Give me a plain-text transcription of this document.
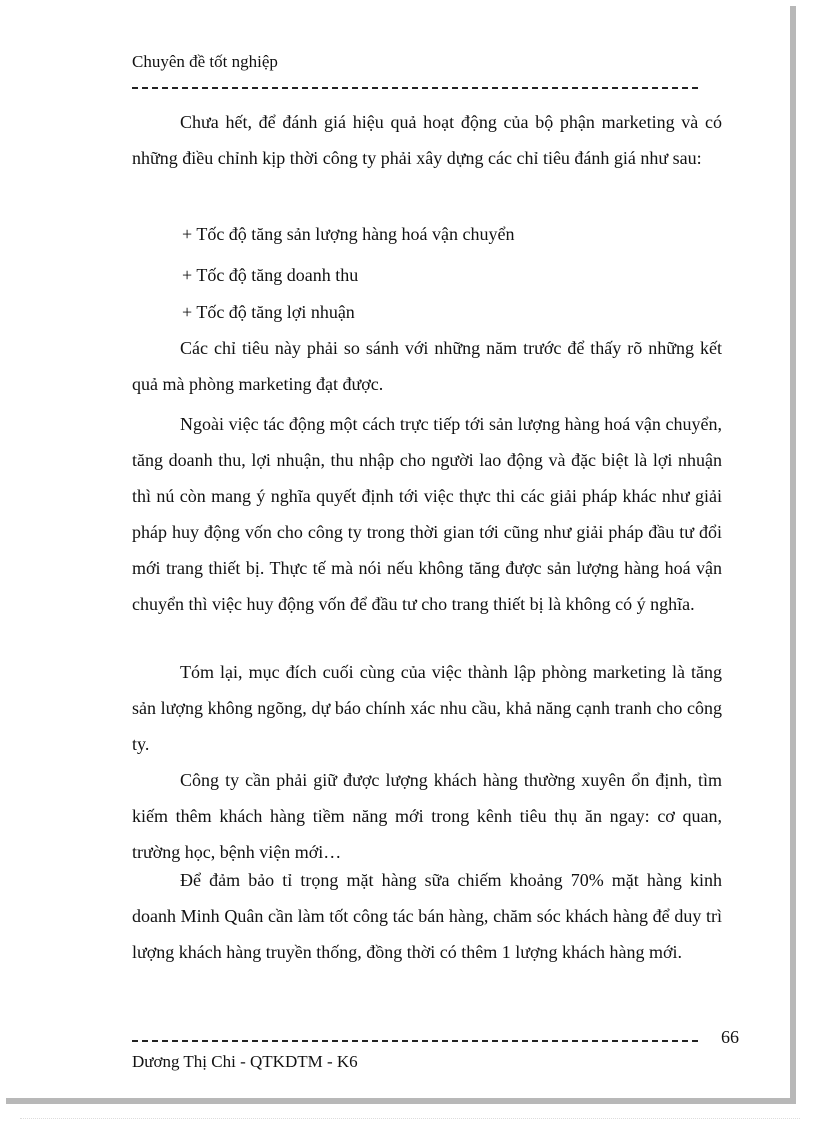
Chuyên đề tốt nghiệp

Chưa hết, để đánh giá hiệu quả hoạt động của bộ phận marketing và có những điều chỉnh kịp thời công ty phải xây dựng các chỉ tiêu đánh giá như sau:

+ Tốc độ tăng sản lượng hàng hoá vận chuyển

+ Tốc độ tăng doanh thu

+ Tốc độ tăng lợi nhuận

Các chỉ tiêu này phải so sánh với những năm trước để thấy rõ những kết quả mà phòng marketing đạt được.

Ngoài việc tác động một cách trực tiếp tới sản lượng hàng hoá vận chuyển, tăng doanh thu, lợi nhuận, thu nhập cho người lao động và đặc biệt là lợi nhuận thì nú còn mang ý nghĩa quyết định tới việc thực thi các giải pháp khác như giải pháp huy động vốn cho công ty trong thời gian tới cũng như giải pháp đầu tư đổi mới trang thiết bị. Thực tế mà nói nếu không tăng được sản lượng hàng hoá vận chuyển thì việc huy động vốn để đầu tư cho trang thiết bị là không có ý nghĩa.

Tóm lại, mục đích cuối cùng của việc thành lập phòng marketing là tăng sản lượng không ngõng, dự báo chính xác nhu cầu, khả năng cạnh tranh cho công ty.

Công ty cần phải giữ được lượng khách hàng thường xuyên ổn định, tìm kiếm thêm khách hàng tiềm năng mới trong kênh tiêu thụ ăn ngay: cơ quan, trường học, bệnh viện mới…

Để đảm bảo tỉ trọng mặt hàng sữa chiếm khoảng 70% mặt hàng kinh doanh Minh Quân cần làm tốt công tác bán hàng, chăm sóc khách hàng để duy trì lượng khách hàng truyền thống, đồng thời có thêm 1 lượng khách hàng mới.

66
Dương Thị Chi - QTKDTM - K6
